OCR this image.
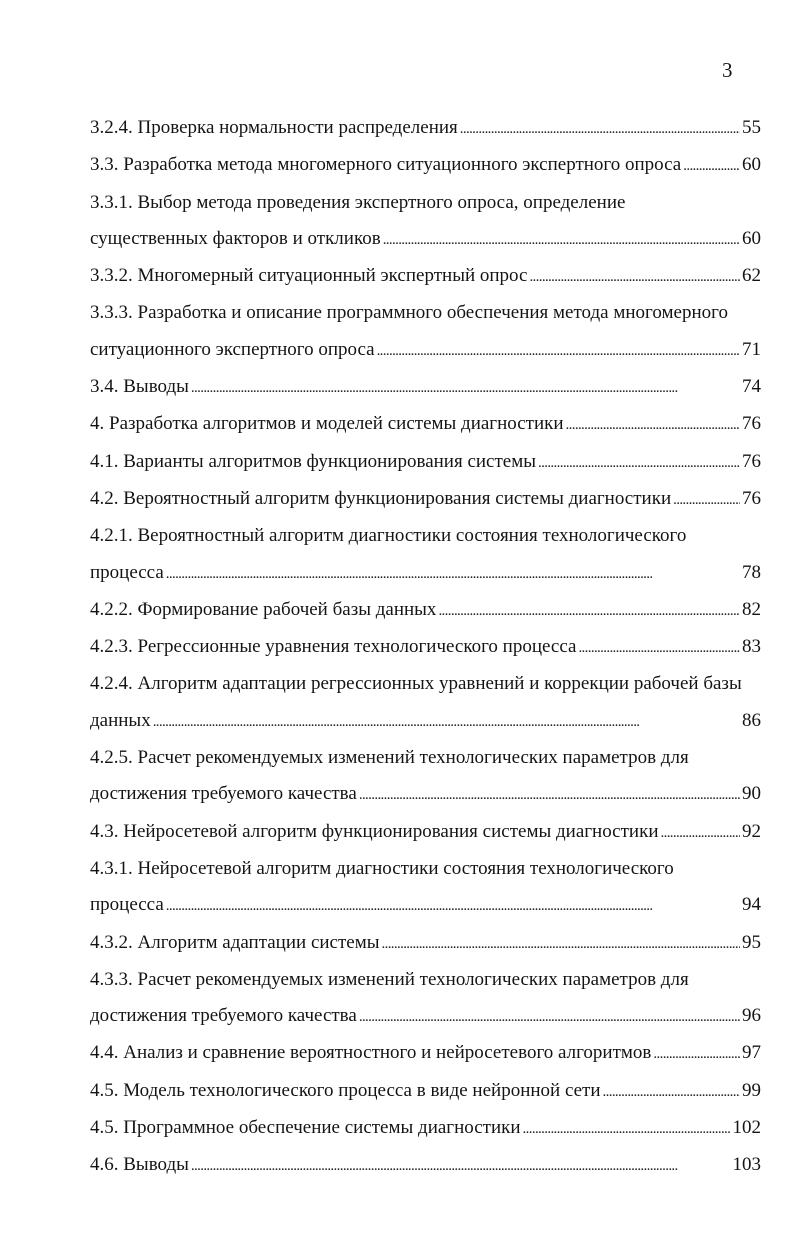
3
3.2.4. Проверка нормальности распределения . . .	55
3.3. Разработка метода многомерного ситуационного экспертного опроса . . .	60
3.3.1. Выбор метода проведения экспертного опроса, определение
существенных факторов и откликов . . .	60
3.3.2. Многомерный ситуационный экспертный опрос . . .	62
3.3.3. Разработка и описание программного обеспечения метода многомерного
ситуационного экспертного опроса . . .	71
3.4. Выводы . . .	74
4. Разработка алгоритмов и моделей системы диагностики . . .	76
4.1. Варианты алгоритмов функционирования системы . . .	76
4.2. Вероятностный алгоритм функционирования системы диагностики . . .	76
4.2.1. Вероятностный алгоритм диагностики состояния технологического
процесса . . .	78
4.2.2. Формирование рабочей базы данных . . .	82
4.2.3. Регрессионные уравнения технологического процесса . . .	83
4.2.4. Алгоритм адаптации регрессионных уравнений и коррекции рабочей базы
данных . . .	86
4.2.5. Расчет рекомендуемых изменений технологических параметров для
достижения требуемого качества . . .	90
4.3. Нейросетевой алгоритм функционирования системы диагностики . . .	92
4.3.1. Нейросетевой алгоритм диагностики состояния технологического
процесса . . .	94
4.3.2. Алгоритм адаптации системы . . .	95
4.3.3. Расчет рекомендуемых изменений технологических параметров для
достижения требуемого качества . . .	96
4.4. Анализ и сравнение вероятностного и нейросетевого алгоритмов . . .	97
4.5. Модель технологического процесса в виде нейронной сети . . .	99
4.5. Программное обеспечение системы диагностики . . .	102
4.6. Выводы . . .	103
